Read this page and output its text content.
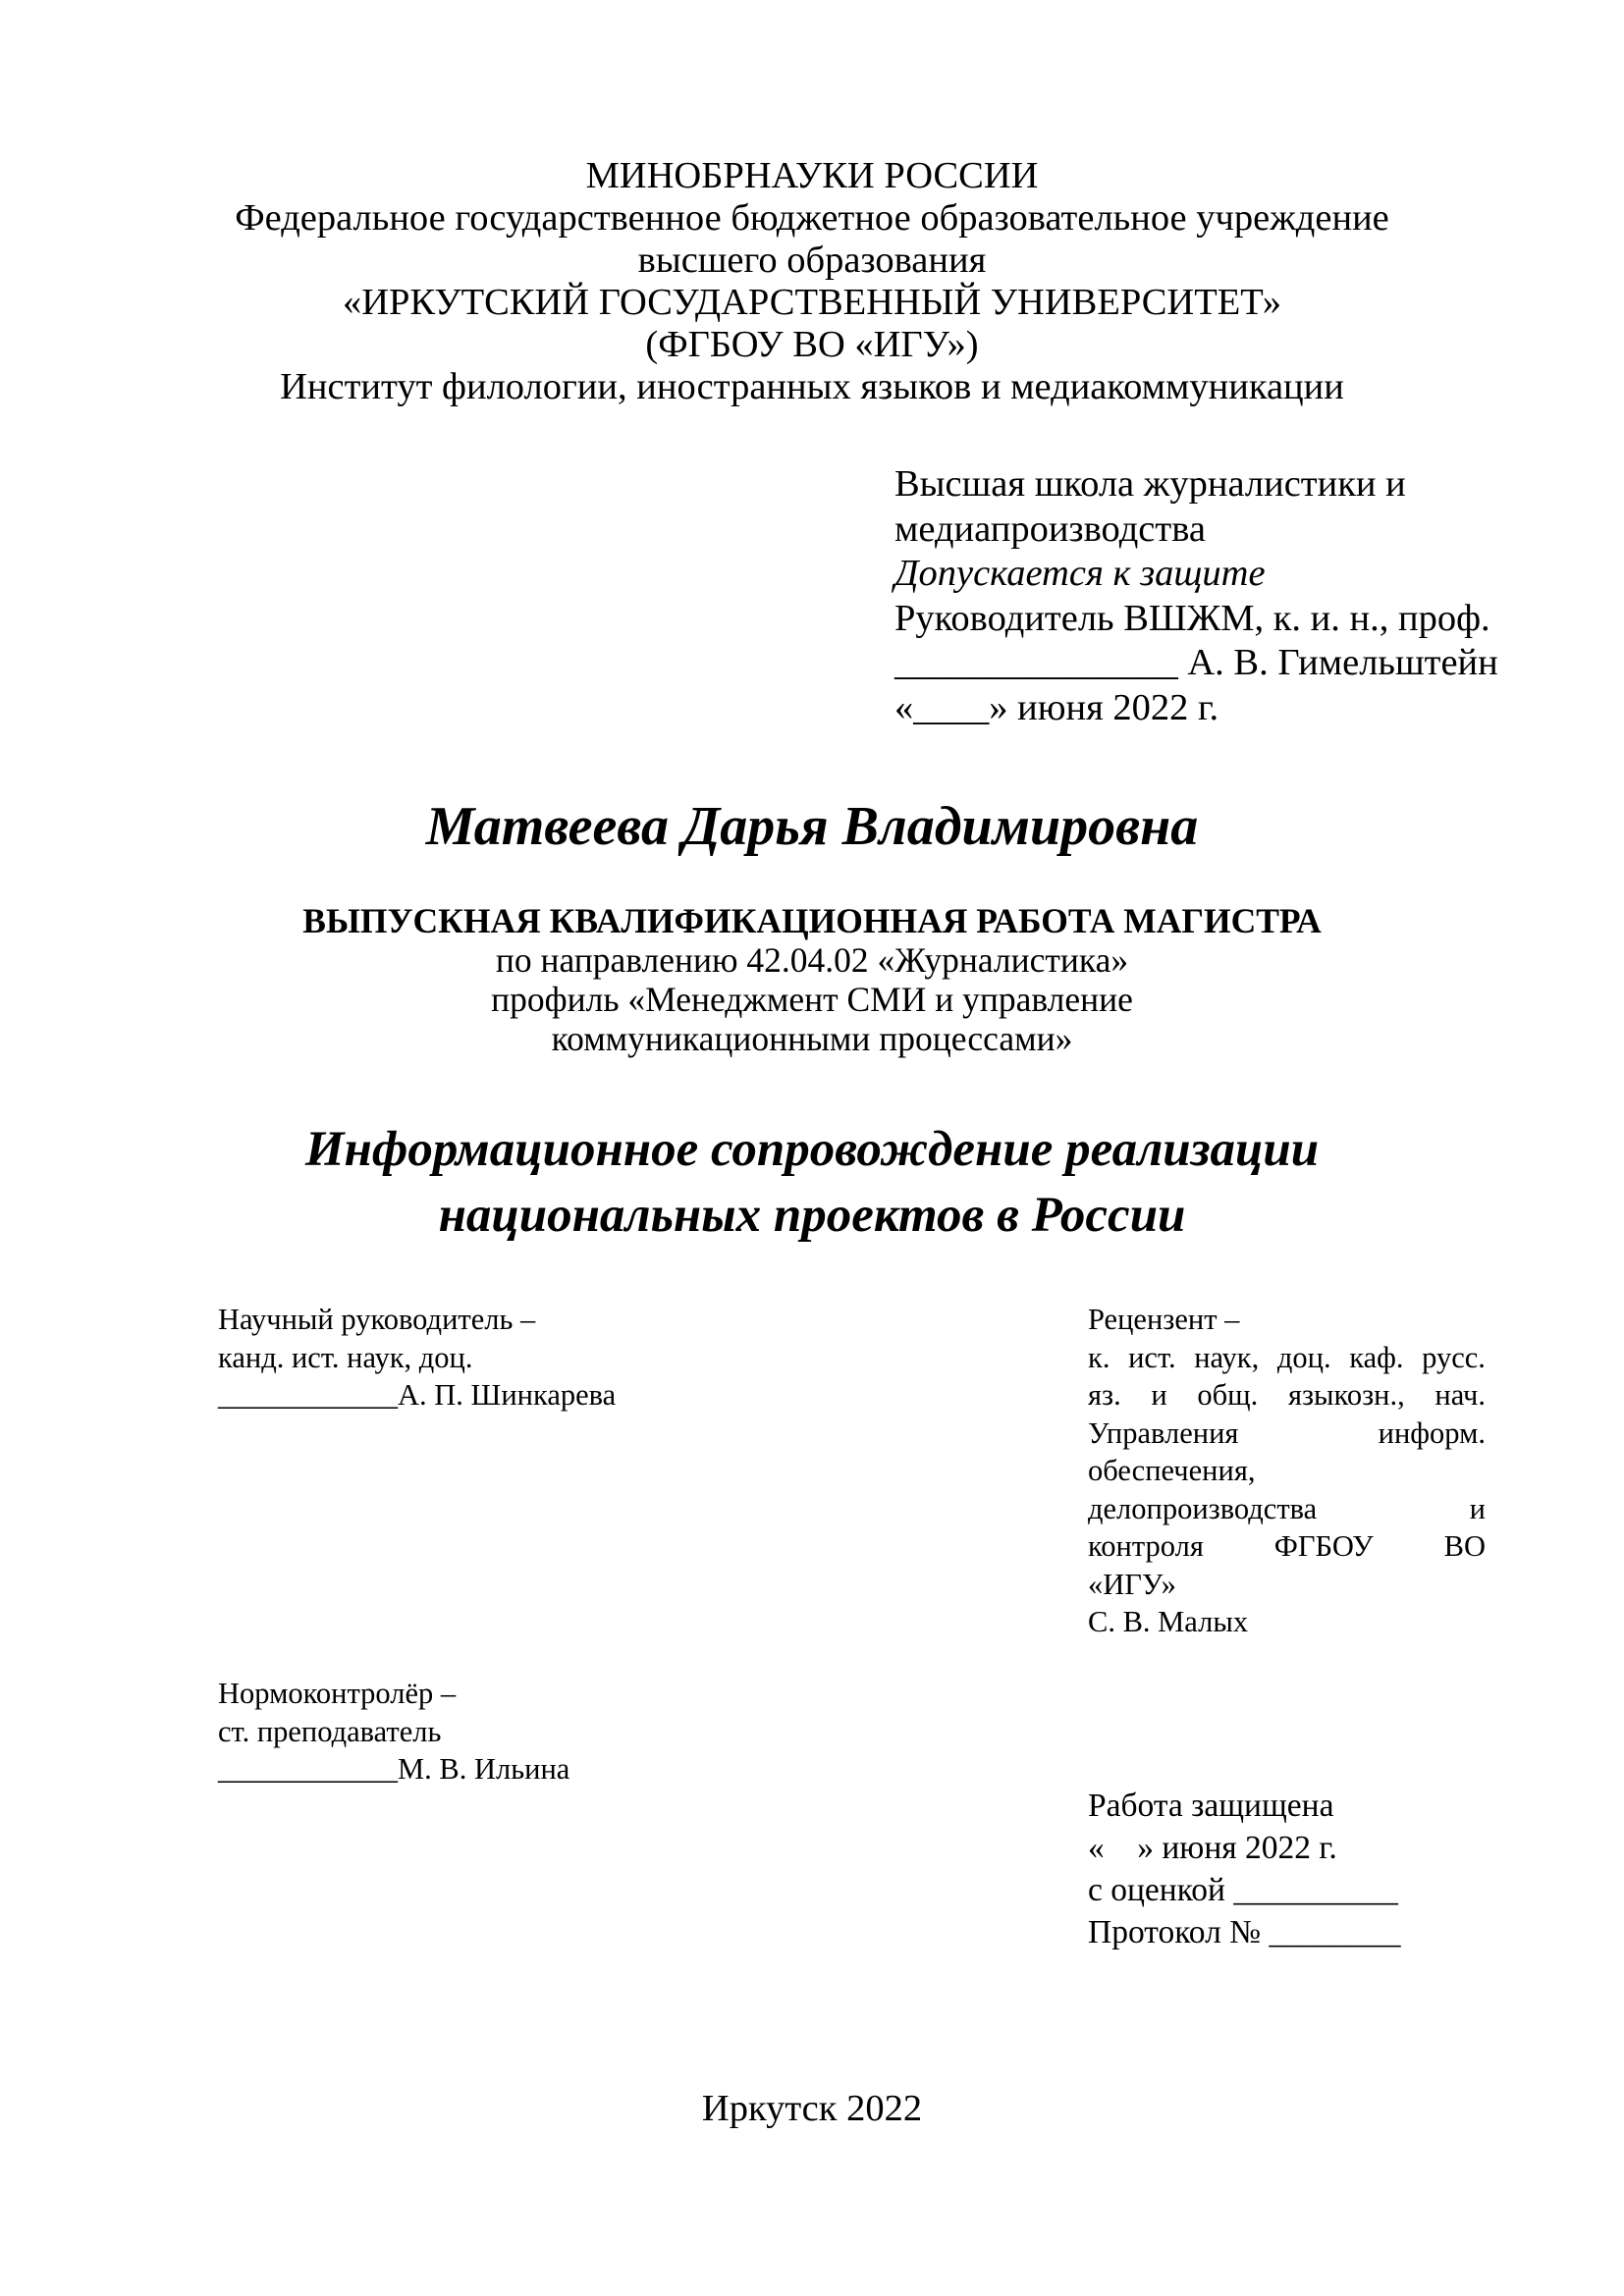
МИНОБРНАУКИ РОССИИ
Федеральное государственное бюджетное образовательное учреждение
высшего образования
«ИРКУТСКИЙ ГОСУДАРСТВЕННЫЙ УНИВЕРСИТЕТ»
(ФГБОУ ВО «ИГУ»)
Институт филологии, иностранных языков и медиакоммуникации
Высшая школа журналистики и
медиапроизводства
Допускается к защите
Руководитель ВШЖМ, к. и. н., проф.
_______________ А. В. Гимельштейн
«____» июня 2022 г.
Матвеева Дарья Владимировна
ВЫПУСКНАЯ КВАЛИФИКАЦИОННАЯ РАБОТА МАГИСТРА
по направлению 42.04.02 «Журналистика»
профиль «Менеджмент СМИ и управление
коммуникационными процессами»
Информационное сопровождение реализации
национальных проектов в России
Научный руководитель –
канд. ист. наук, доц.
____________А. П. Шинкарева
Рецензент –
к. ист. наук, доц. каф. русс.
яз. и общ. языкозн., нач.
Управления	информ.
обеспечения,
делопроизводства	и
контроля ФГБОУ ВО
«ИГУ»
С. В. Малых
Нормоконтролёр –
ст. преподаватель
____________М. В. Ильина
Работа защищена
«    » июня 2022 г.
с оценкой __________
Протокол № ________
Иркутск 2022
